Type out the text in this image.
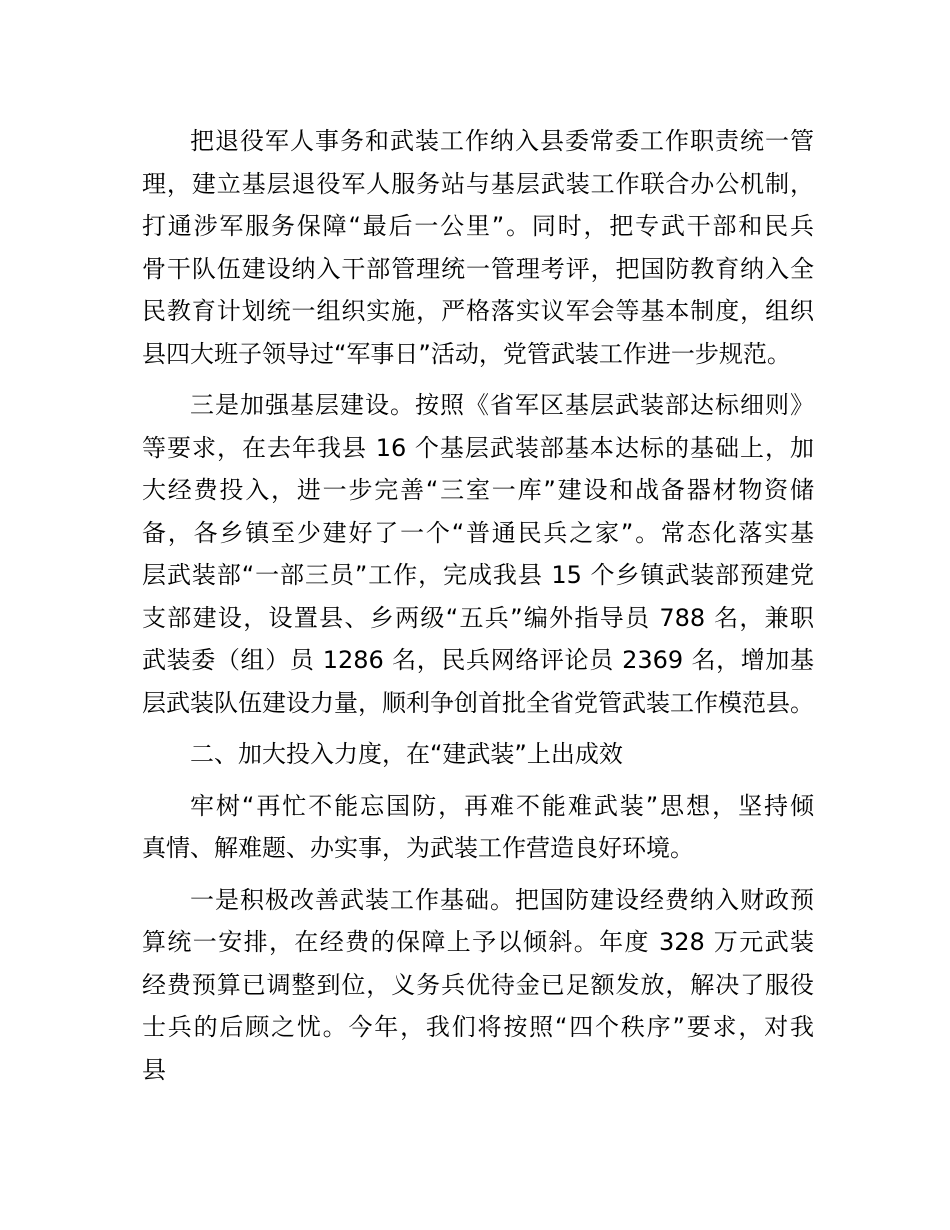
把退役军人事务和武装工作纳入县委常委工作职责统一管
理，建立基层退役军人服务站与基层武装工作联合办公机制，
打通涉军服务保障“最后一公里”。同时，把专武干部和民兵
骨干队伍建设纳入干部管理统一管理考评，把国防教育纳入全
民教育计划统一组织实施，严格落实议军会等基本制度，组织
县四大班子领导过“军事日”活动，党管武装工作进一步规范。
三是加强基层建设。按照《省军区基层武装部达标细则》
等要求，在去年我县 16 个基层武装部基本达标的基础上，加
大经费投入，进一步完善“三室一库”建设和战备器材物资储
备，各乡镇至少建好了一个“普通民兵之家”。常态化落实基
层武装部“一部三员”工作，完成我县 15 个乡镇武装部预建党
支部建设，设置县、乡两级“五兵”编外指导员 788 名，兼职
武装委（组）员 1286 名，民兵网络评论员 2369 名，增加基
层武装队伍建设力量，顺利争创首批全省党管武装工作模范县。
二、加大投入力度，在“建武装”上出成效
牢树“再忙不能忘国防，再难不能难武装”思想，坚持倾
真情、解难题、办实事，为武装工作营造良好环境。
一是积极改善武装工作基础。把国防建设经费纳入财政预
算统一安排，在经费的保障上予以倾斜。年度 328 万元武装
经费预算已调整到位，义务兵优待金已足额发放，解决了服役
士兵的后顾之忧。今年，我们将按照“四个秩序”要求，对我
县
